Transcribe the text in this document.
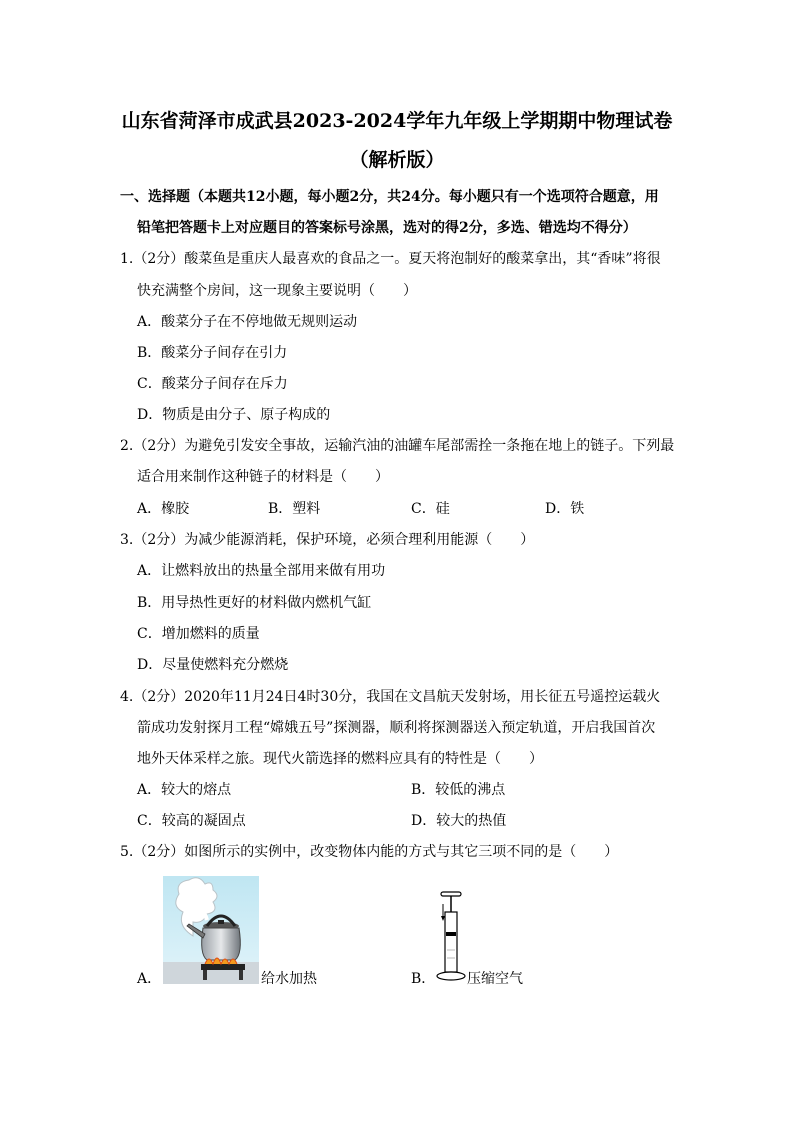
山东省菏泽市成武县2023-2024学年九年级上学期期中物理试卷
（解析版）
一、选择题（本题共12小题，每小题2分，共24分。每小题只有一个选项符合题意，用
铅笔把答题卡上对应题目的答案标号涂黑，选对的得2分，多选、错选均不得分）
1.（2分）酸菜鱼是重庆人最喜欢的食品之一。夏天将泡制好的酸菜拿出，其“香味”将很
快充满整个房间，这一现象主要说明（　　）
A．酸菜分子在不停地做无规则运动
B．酸菜分子间存在引力
C．酸菜分子间存在斥力
D．物质是由分子、原子构成的
2.（2分）为避免引发安全事故，运输汽油的油罐车尾部需拴一条拖在地上的链子。下列最
适合用来制作这种链子的材料是（　　）
A．橡胶	B．塑料	C．硅	D．铁
3.（2分）为减少能源消耗，保护环境，必须合理利用能源（　　）
A．让燃料放出的热量全部用来做有用功
B．用导热性更好的材料做内燃机气缸
C．增加燃料的质量
D．尽量使燃料充分燃烧
4.（2分）2020年11月24日4时30分，我国在文昌航天发射场，用长征五号遥控运载火
箭成功发射探月工程“嫦娥五号”探测器，顺利将探测器送入预定轨道，开启我国首次
地外天体采样之旅。现代火箭选择的燃料应具有的特性是（　　）
A．较大的熔点	B．较低的沸点
C．较高的凝固点	D．较大的热值
5.（2分）如图所示的实例中，改变物体内能的方式与其它三项不同的是（　　）
A．	给水加热	B． 压缩空气
